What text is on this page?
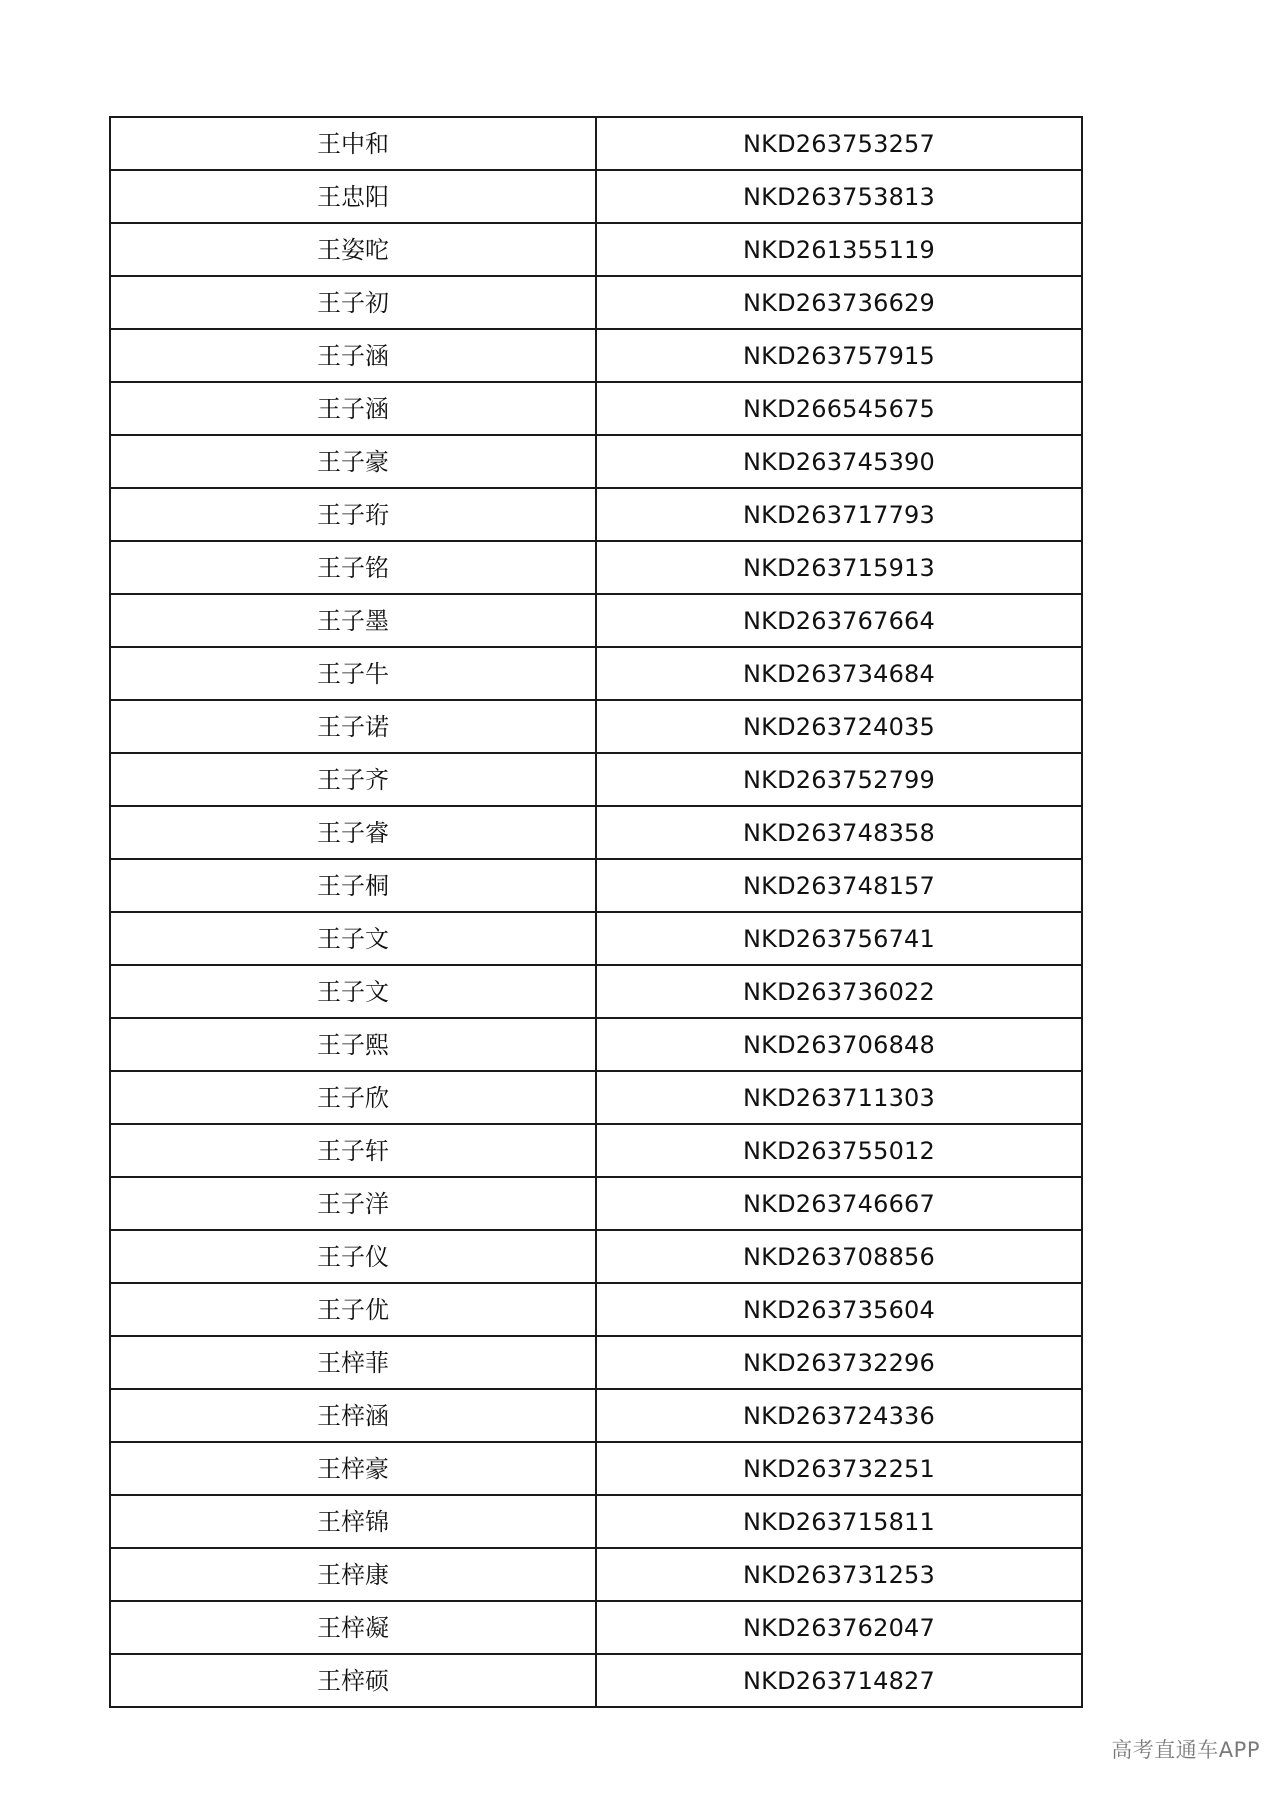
王中和	NKD263753257
王忠阳	NKD263753813
王姿咜	NKD261355119
王子初	NKD263736629
王子涵	NKD263757915
王子涵	NKD266545675
王子豪	NKD263745390
王子珩	NKD263717793
王子铭	NKD263715913
王子墨	NKD263767664
王子牛	NKD263734684
王子诺	NKD263724035
王子齐	NKD263752799
王子睿	NKD263748358
王子桐	NKD263748157
王子文	NKD263756741
王子文	NKD263736022
王子熙	NKD263706848
王子欣	NKD263711303
王子轩	NKD263755012
王子洋	NKD263746667
王子仪	NKD263708856
王子优	NKD263735604
王梓菲	NKD263732296
王梓涵	NKD263724336
王梓豪	NKD263732251
王梓锦	NKD263715811
王梓康	NKD263731253
王梓凝	NKD263762047
王梓硕	NKD263714827
高考直通车APP
